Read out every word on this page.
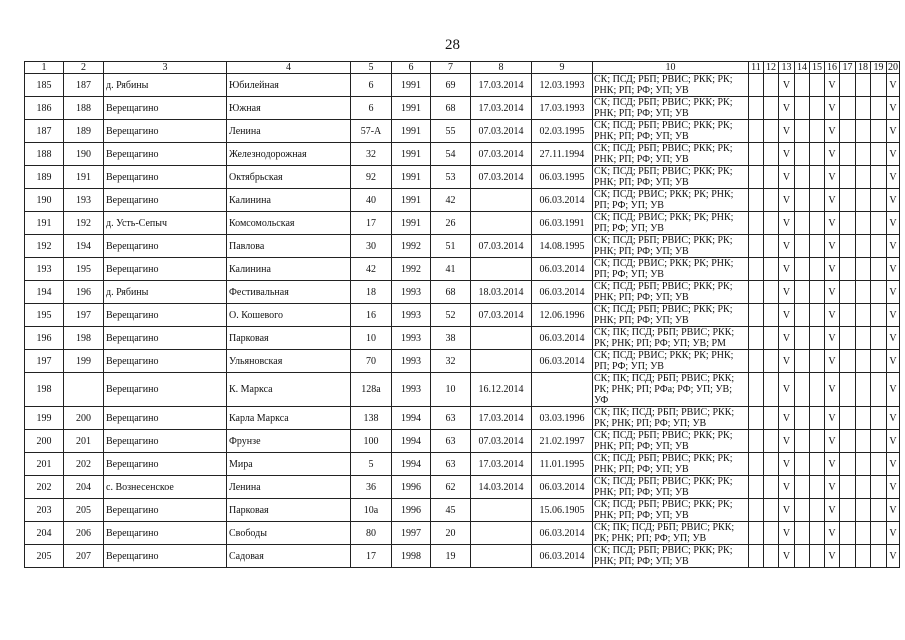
28
1	2	3	4	5	6	7	8	9	10	11	12	13	14	15	16	17	18	19	20
185	187	д. Рябины	Юбилейная	6	1991	69	17.03.2014	12.03.1993	СК; ПСД; РБП; РВИС; РКК; РК; РНК; РП; РФ; УП; УВ			V			V				V
186	188	Верещагино	Южная	6	1991	68	17.03.2014	17.03.1993	СК; ПСД; РБП; РВИС; РКК; РК; РНК; РП; РФ; УП; УВ			V			V				V
187	189	Верещагино	Ленина	57-А	1991	55	07.03.2014	02.03.1995	СК; ПСД; РБП; РВИС; РКК; РК; РНК; РП; РФ; УП; УВ			V			V				V
188	190	Верещагино	Железнодорожная	32	1991	54	07.03.2014	27.11.1994	СК; ПСД; РБП; РВИС; РКК; РК; РНК; РП; РФ; УП; УВ			V			V				V
189	191	Верещагино	Октябрьская	92	1991	53	07.03.2014	06.03.1995	СК; ПСД; РБП; РВИС; РКК; РК; РНК; РП; РФ; УП; УВ			V			V				V
190	193	Верещагино	Калинина	40	1991	42		06.03.2014	СК; ПСД; РВИС; РКК; РК; РНК; РП; РФ; УП; УВ			V			V				V
191	192	д. Усть-Сепыч	Комсомольская	17	1991	26		06.03.1991	СК; ПСД; РВИС; РКК; РК; РНК; РП; РФ; УП; УВ			V			V				V
192	194	Верещагино	Павлова	30	1992	51	07.03.2014	14.08.1995	СК; ПСД; РБП; РВИС; РКК; РК; РНК; РП; РФ; УП; УВ			V			V				V
193	195	Верещагино	Калинина	42	1992	41		06.03.2014	СК; ПСД; РВИС; РКК; РК; РНК; РП; РФ; УП; УВ			V			V				V
194	196	д. Рябины	Фестивальная	18	1993	68	18.03.2014	06.03.2014	СК; ПСД; РБП; РВИС; РКК; РК; РНК; РП; РФ; УП; УВ			V			V				V
195	197	Верещагино	О. Кошевого	16	1993	52	07.03.2014	12.06.1996	СК; ПСД; РБП; РВИС; РКК; РК; РНК; РП; РФ; УП; УВ			V			V				V
196	198	Верещагино	Парковая	10	1993	38		06.03.2014	СК; ПК; ПСД; РБП; РВИС; РКК; РК; РНК; РП; РФ; УП; УВ; РМ			V			V				V
197	199	Верещагино	Ульяновская	70	1993	32		06.03.2014	СК; ПСД; РВИС; РКК; РК; РНК; РП; РФ; УП; УВ			V			V				V
198		Верещагино	К. Маркса	128а	1993	10	16.12.2014		СК; ПК; ПСД; РБП; РВИС; РКК; РК; РНК; РП; РФа; РФ; УП; УВ; УФ			V			V				V
199	200	Верещагино	Карла Маркса	138	1994	63	17.03.2014	03.03.1996	СК; ПК; ПСД; РБП; РВИС; РКК; РК; РНК; РП; РФ; УП; УВ			V			V				V
200	201	Верещагино	Фрунзе	100	1994	63	07.03.2014	21.02.1997	СК; ПСД; РБП; РВИС; РКК; РК; РНК; РП; РФ; УП; УВ			V			V				V
201	202	Верещагино	Мира	5	1994	63	17.03.2014	11.01.1995	СК; ПСД; РБП; РВИС; РКК; РК; РНК; РП; РФ; УП; УВ			V			V				V
202	204	с. Вознесенское	Ленина	36	1996	62	14.03.2014	06.03.2014	СК; ПСД; РБП; РВИС; РКК; РК; РНК; РП; РФ; УП; УВ			V			V				V
203	205	Верещагино	Парковая	10а	1996	45		15.06.1905	СК; ПСД; РБП; РВИС; РКК; РК; РНК; РП; РФ; УП; УВ			V			V				V
204	206	Верещагино	Свободы	80	1997	20		06.03.2014	СК; ПК; ПСД; РБП; РВИС; РКК; РК; РНК; РП; РФ; УП; УВ			V			V				V
205	207	Верещагино	Садовая	17	1998	19		06.03.2014	СК; ПСД; РБП; РВИС; РКК; РК; РНК; РП; РФ; УП; УВ			V			V				V
